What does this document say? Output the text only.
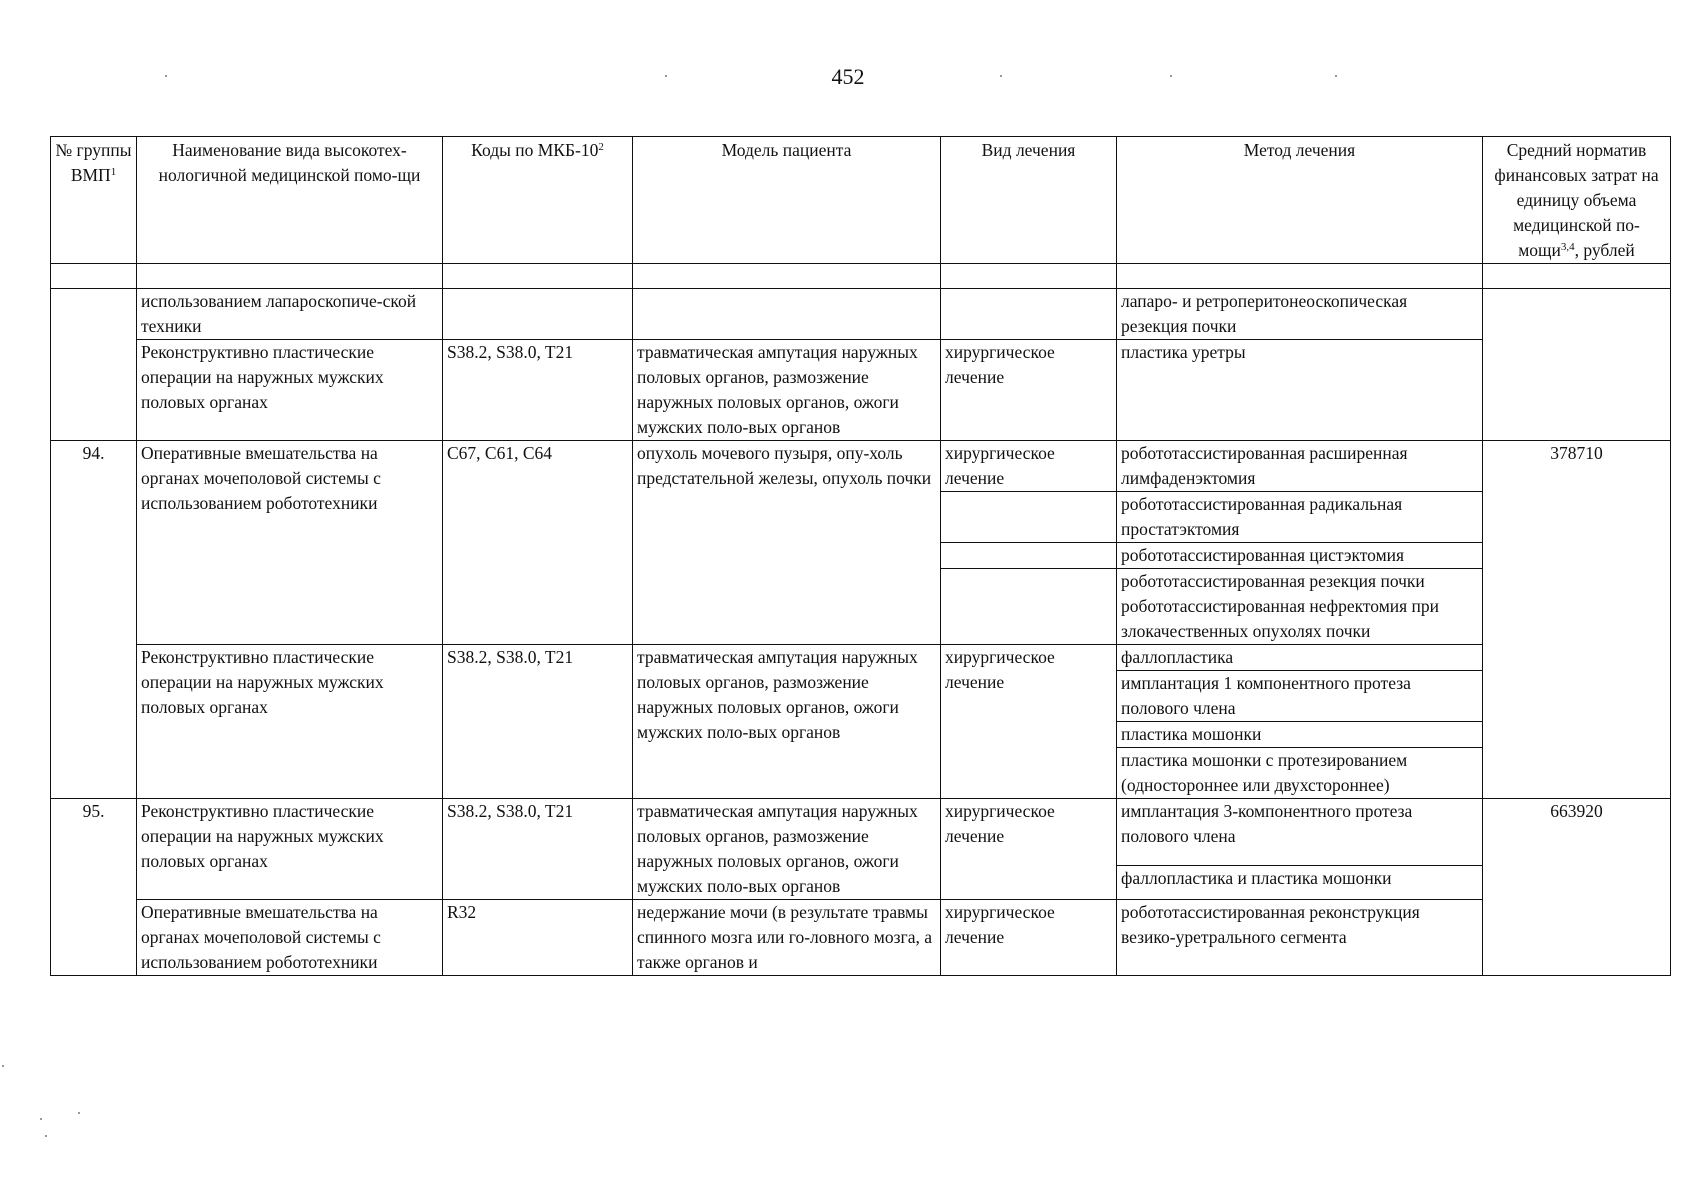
452
№ группы ВМП$^1$	Наименование вида высокотех-нологичной медицинской помо-щи	Коды по МКБ-$10^2$	Модель пациента	Вид лечения	Метод лечения	Средний норматив финансовых затрат на единицу объема медицинской по-мощи$^{3,4}$, рублей

	использованием лапароскопиче-ской техники				лапаро- и ретроперитонеоскопическая резекция почки	
	Реконструктивно пластические операции на наружных мужских половых органах	S38.2, S38.0, T21	травматическая ампутация наружных половых органов, размозжение наружных половых органов, ожоги мужских поло-вых органов	хирургическое лечение	пластика уретры	
94.	Оперативные вмешательства на органах мочеполовой системы с использованием робототехники	C67, C61, C64	опухоль мочевого пузыря, опу-холь предстательной железы, опухоль почки	хирургическое лечение	робототассистированная расширенная лимфаденэктомия	378710
					робототассистированная радикальная простатэктомия	
					робототассистированная цистэктомия	
					робототассистированная резекция почки робототассистированная нефректомия при злокачественных опухолях почки	
	Реконструктивно пластические операции на наружных мужских половых органах	S38.2, S38.0, T21	травматическая ампутация наружных половых органов, размозжение наружных половых органов, ожоги мужских поло-вых органов	хирургическое лечение	фаллопластика	
					имплантация 1 компонентного протеза полового члена	
					пластика мошонки	
					пластика мошонки с протезированием (одностороннее или двухстороннее)	
95.	Реконструктивно пластические операции на наружных мужских половых органах	S38.2, S38.0, T21	травматическая ампутация наружных половых органов, размозжение наружных половых органов, ожоги мужских поло-вых органов	хирургическое лечение	имплантация 3-компонентного протеза полового члена	663920
					фаллопластика и пластика мошонки	
	Оперативные вмешательства на органах мочеполовой системы с использованием робототехники	R32	недержание мочи (в результате травмы спинного мозга или го-ловного мозга, а также органов и	хирургическое лечение	робототассистированная реконструкция везико-уретрального сегмента	
